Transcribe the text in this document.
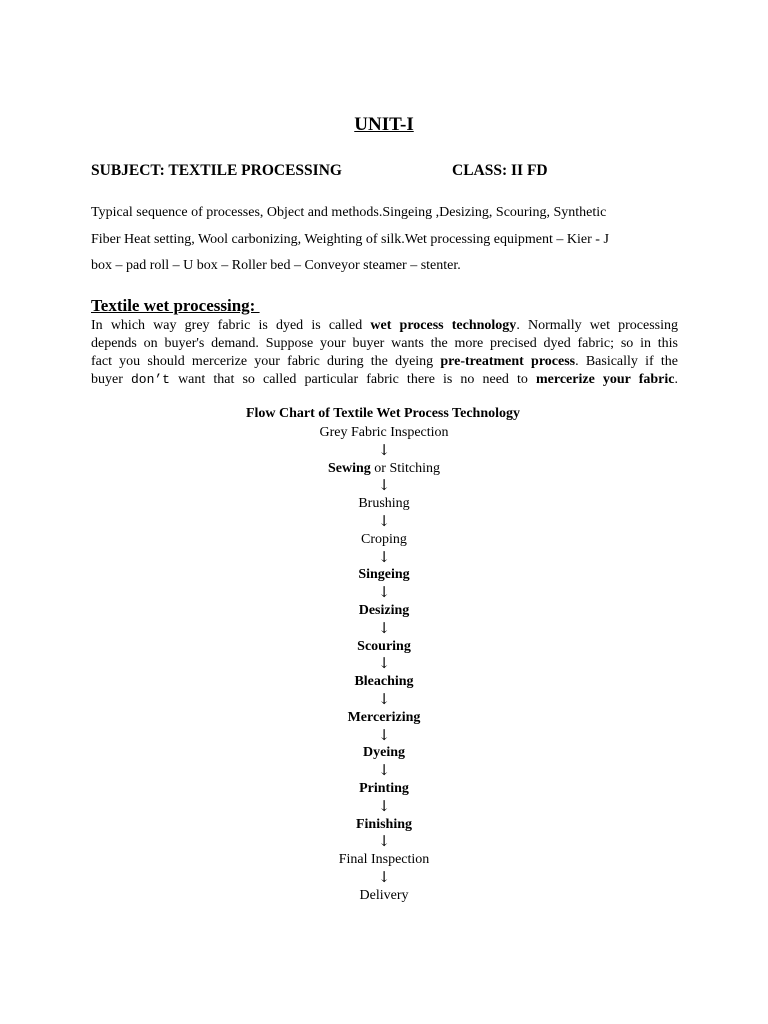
UNIT-I
SUBJECT: TEXTILE PROCESSING	CLASS: II FD
Typical sequence of processes, Object and methods.Singeing ,Desizing, Scouring, Synthetic
Fiber Heat setting, Wool carbonizing, Weighting of silk.Wet processing equipment – Kier - J
box – pad roll – U box – Roller bed – Conveyor steamer – stenter.
Textile wet processing:
In which way grey fabric is dyed is called wet process technology. Normally wet processing
depends on buyer's demand. Suppose your buyer wants the more precised dyed fabric; so in this
fact you should mercerize your fabric during the dyeing pre-treatment process. Basically if the
buyer don’t want that so called particular fabric there is no need to mercerize your fabric.
Flow Chart of Textile Wet Process Technology
Grey Fabric Inspection
↓
Sewing or Stitching
↓
Brushing
↓
Croping
↓
Singeing
↓
Desizing
↓
Scouring
↓
Bleaching
↓
Mercerizing
↓
Dyeing
↓
Printing
↓
Finishing
↓
Final Inspection
↓
Delivery
